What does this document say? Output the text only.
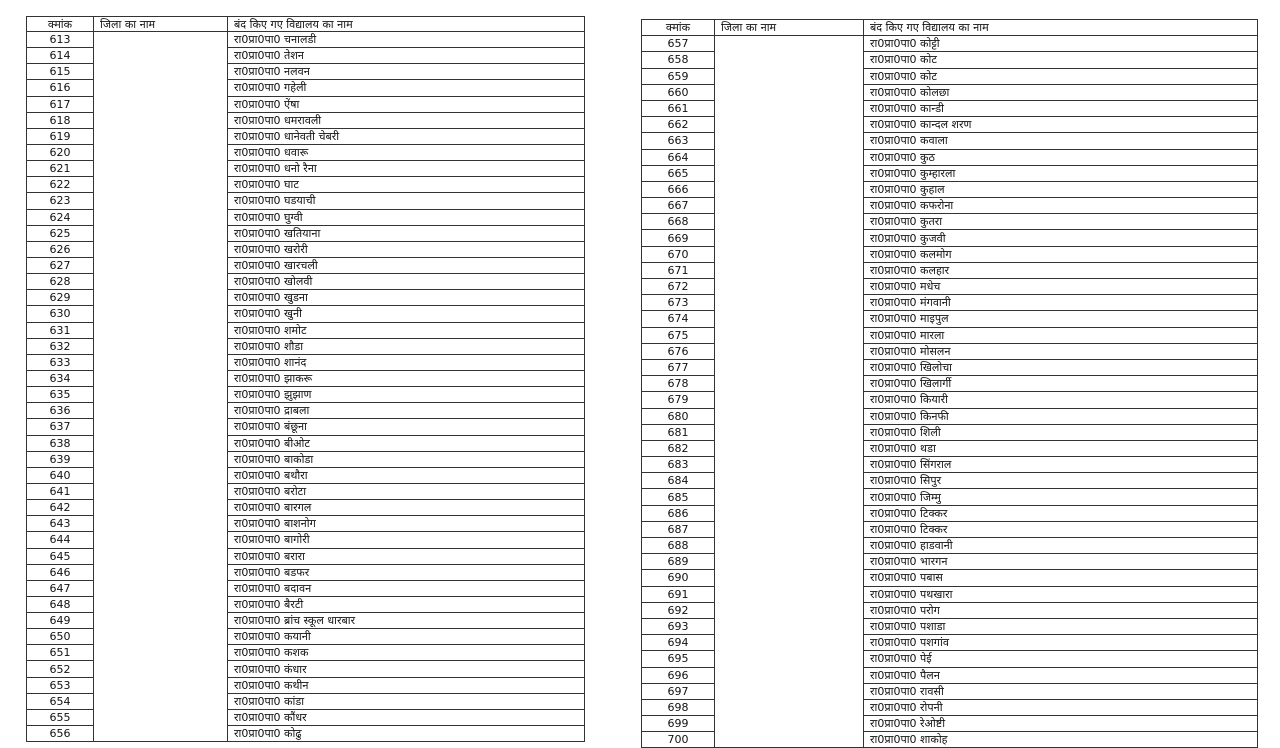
क्मांक	जिला का नाम	बंद किए गए विद्यालय का नाम
613		रा0प्रा0पा0 चनालडी
614		रा0प्रा0पा0 तेशन
615		रा0प्रा0पा0 नलवन
616		रा0प्रा0पा0 गहेली
617		रा0प्रा0पा0 ऐंषा
618		रा0प्रा0पा0 धमरावली
619		रा0प्रा0पा0 धानेवती चेबरी
620		रा0प्रा0पा0 धवारू
621		रा0प्रा0पा0 धनो रैना
622		रा0प्रा0पा0 घाट
623		रा0प्रा0पा0 घडयाची
624		रा0प्रा0पा0 घुग्वी
625		रा0प्रा0पा0 खतियाना
626		रा0प्रा0पा0 खरोरी
627		रा0प्रा0पा0 खारचली
628		रा0प्रा0पा0 खोलवी
629		रा0प्रा0पा0 खुडना
630		रा0प्रा0पा0 खुनी
631		रा0प्रा0पा0 शमोट
632		रा0प्रा0पा0 शौडा
633		रा0प्रा0पा0 शानंद
634		रा0प्रा0पा0 झाकरू
635		रा0प्रा0पा0 झुझाण
636		रा0प्रा0पा0 द्राबला
637		रा0प्रा0पा0 बंछूना
638		रा0प्रा0पा0 बीओट
639		रा0प्रा0पा0 बाकोडा
640		रा0प्रा0पा0 बथौरा
641		रा0प्रा0पा0 बरोटा
642		रा0प्रा0पा0 बारगल
643		रा0प्रा0पा0 बाशनोग
644		रा0प्रा0पा0 बागोरी
645		रा0प्रा0पा0 बरारा
646		रा0प्रा0पा0 बडफर
647		रा0प्रा0पा0 बदावन
648		रा0प्रा0पा0 बैरटी
649		रा0प्रा0पा0 ब्रांच स्कूल धारबार
650		रा0प्रा0पा0 कयानी
651		रा0प्रा0पा0 कशक
652		रा0प्रा0पा0 कंधार
653		रा0प्रा0पा0 कथीन
654		रा0प्रा0पा0 कांडा
655		रा0प्रा0पा0 कौंधर
656		रा0प्रा0पा0 कोढु
क्मांक	जिला का नाम	बंद किए गए विद्यालय का नाम
657		रा0प्रा0पा0 कोट्टी
658		रा0प्रा0पा0 कोट
659		रा0प्रा0पा0 कोट
660		रा0प्रा0पा0 कोलछा
661		रा0प्रा0पा0 कान्डी
662		रा0प्रा0पा0 कान्दल शरण
663		रा0प्रा0पा0 कवाला
664		रा0प्रा0पा0 कुठ
665		रा0प्रा0पा0 कुम्हारला
666		रा0प्रा0पा0 कुहाल
667		रा0प्रा0पा0 कफरोना
668		रा0प्रा0पा0 कुतरा
669		रा0प्रा0पा0 कुजवी
670		रा0प्रा0पा0 कलमोग
671		रा0प्रा0पा0 कलहार
672		रा0प्रा0पा0 मधेच
673		रा0प्रा0पा0 मंगवानी
674		रा0प्रा0पा0 माइपुल
675		रा0प्रा0पा0 मारला
676		रा0प्रा0पा0 मोसलन
677		रा0प्रा0पा0 खिलोचा
678		रा0प्रा0पा0 खिलार्गी
679		रा0प्रा0पा0 कियारी
680		रा0प्रा0पा0 किनफी
681		रा0प्रा0पा0 शिली
682		रा0प्रा0पा0 थडा
683		रा0प्रा0पा0 सिंगराल
684		रा0प्रा0पा0 सिपुर
685		रा0प्रा0पा0 जिम्मु
686		रा0प्रा0पा0 टिक्कर
687		रा0प्रा0पा0 टिक्कर
688		रा0प्रा0पा0 हाडवानी
689		रा0प्रा0पा0 भारगन
690		रा0प्रा0पा0 पबास
691		रा0प्रा0पा0 पथखारा
692		रा0प्रा0पा0 परोग
693		रा0प्रा0पा0 पशाडा
694		रा0प्रा0पा0 पशगांव
695		रा0प्रा0पा0 पेई
696		रा0प्रा0पा0 पैलन
697		रा0प्रा0पा0 रावसी
698		रा0प्रा0पा0 रोपनी
699		रा0प्रा0पा0 रेओष्टी
700		रा0प्रा0पा0 शाकोह
